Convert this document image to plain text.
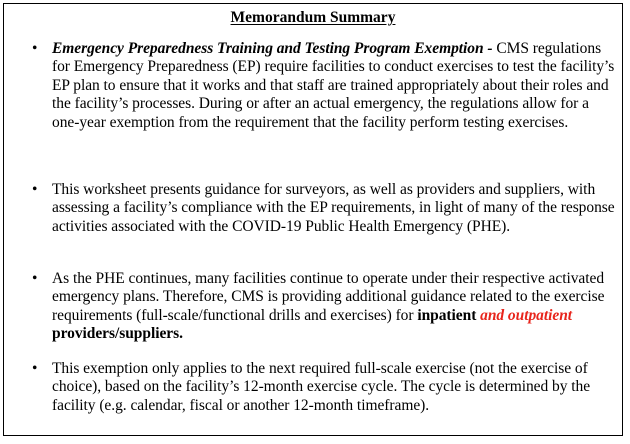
Memorandum Summary
• Emergency Preparedness Training and Testing Program Exemption - CMS regulations for Emergency Preparedness (EP) require facilities to conduct exercises to test the facility’s EP plan to ensure that it works and that staff are trained appropriately about their roles and the facility’s processes. During or after an actual emergency, the regulations allow for a one-year exemption from the requirement that the facility perform testing exercises.

• This worksheet presents guidance for surveyors, as well as providers and suppliers, with assessing a facility’s compliance with the EP requirements, in light of many of the response activities associated with the COVID-19 Public Health Emergency (PHE).

• As the PHE continues, many facilities continue to operate under their respective activated emergency plans. Therefore, CMS is providing additional guidance related to the exercise requirements (full-scale/functional drills and exercises) for inpatient and outpatient providers/suppliers.

• This exemption only applies to the next required full-scale exercise (not the exercise of choice), based on the facility’s 12-month exercise cycle. The cycle is determined by the facility (e.g. calendar, fiscal or another 12-month timeframe).
